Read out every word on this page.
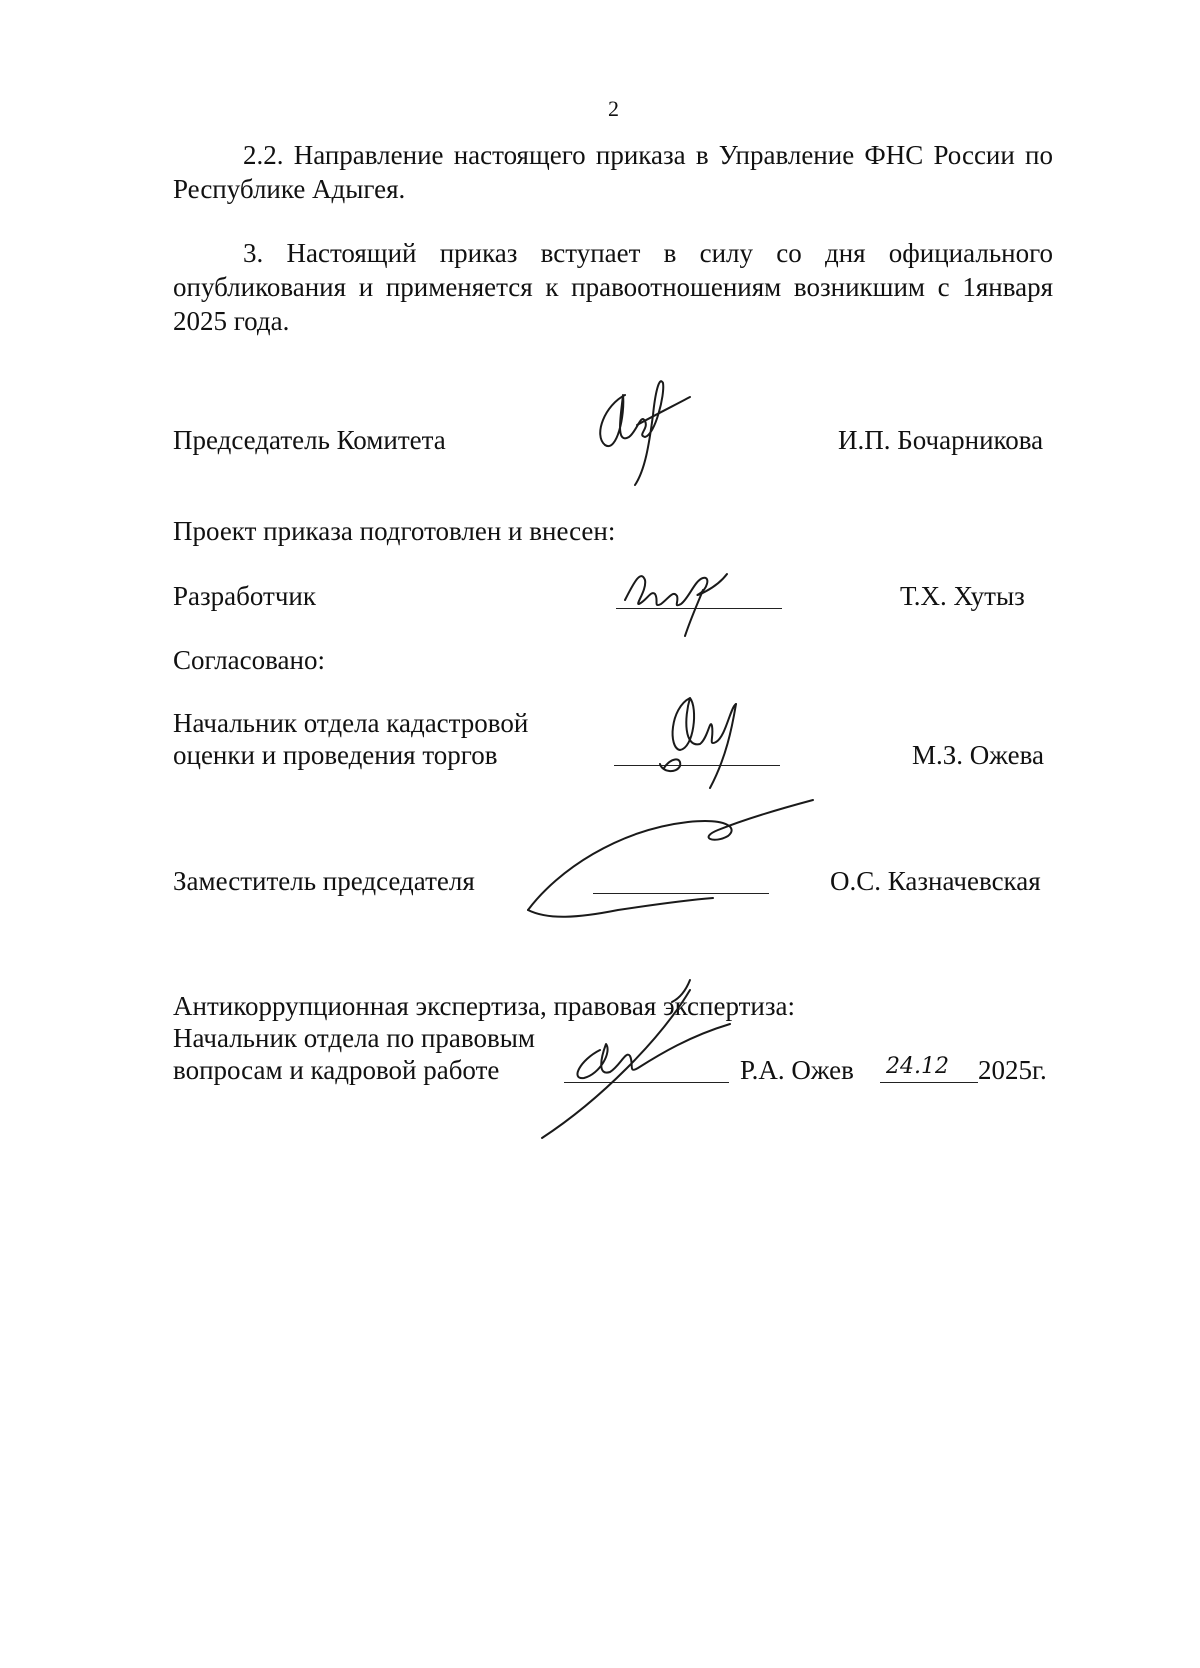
2
2.2. Направление настоящего приказа в Управление ФНС России по Республике Адыгея.
3. Настоящий приказ вступает в силу со дня официального опубликования и применяется к правоотношениям возникшим с 1января 2025 года.
Председатель Комитета	И.П. Бочарникова
Проект приказа подготовлен и внесен:
Разработчик	Т.Х. Хутыз
Согласовано:
Начальник отдела кадастровой
оценки и проведения торгов	М.З. Ожева
Заместитель председателя	О.С. Казначевская
Антикоррупционная экспертиза, правовая экспертиза:
Начальник отдела по правовым
вопросам и кадровой работе	Р.А. Ожев 24.12 2025г.
